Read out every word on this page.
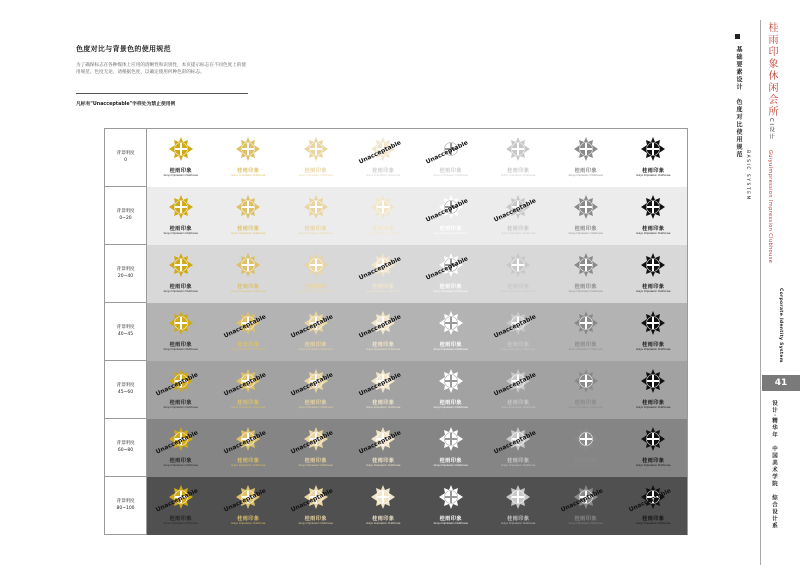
色度对比与背景色的使用规范
为了确保标志在各种媒体上应用的清晰性和识别性，本页提示标志在不同色度上的使用规范，色度无论，请根据色度，以确定使用何种色彩的标志。
凡标有"Unacceptable"字样处为禁止使用例
背景明度
0
桂雨印象
Guiyu Impression Clubhouse
桂雨印象
Guiyu Impression Clubhouse
桂雨印象
Guiyu Impression Clubhouse
桂雨印象
Guiyu Impression Clubhouse
Unacceptable
桂雨印象
Guiyu Impression Clubhouse
Unacceptable
桂雨印象
Guiyu Impression Clubhouse
桂雨印象
Guiyu Impression Clubhouse
桂雨印象
Guiyu Impression Clubhouse
背景明度
0~20
桂雨印象
Guiyu Impression Clubhouse
桂雨印象
Guiyu Impression Clubhouse
桂雨印象
Guiyu Impression Clubhouse
桂雨印象
Guiyu Impression Clubhouse
桂雨印象
Guiyu Impression Clubhouse
Unacceptable
桂雨印象
Guiyu Impression Clubhouse
Unacceptable
桂雨印象
Guiyu Impression Clubhouse
桂雨印象
Guiyu Impression Clubhouse
背景明度
20~40
桂雨印象
Guiyu Impression Clubhouse
桂雨印象
Guiyu Impression Clubhouse
桂雨印象
Guiyu Impression Clubhouse
桂雨印象
Guiyu Impression Clubhouse
Unacceptable
桂雨印象
Guiyu Impression Clubhouse
Unacceptable
桂雨印象
Guiyu Impression Clubhouse
桂雨印象
Guiyu Impression Clubhouse
桂雨印象
Guiyu Impression Clubhouse
背景明度
40~45
桂雨印象
Guiyu Impression Clubhouse
桂雨印象
Guiyu Impression Clubhouse
Unacceptable
桂雨印象
Guiyu Impression Clubhouse
Unacceptable
桂雨印象
Guiyu Impression Clubhouse
Unacceptable
桂雨印象
Guiyu Impression Clubhouse
桂雨印象
Guiyu Impression Clubhouse
Unacceptable
桂雨印象
Guiyu Impression Clubhouse
桂雨印象
Guiyu Impression Clubhouse
背景明度
45~60
桂雨印象
Guiyu Impression Clubhouse
Unacceptable
桂雨印象
Guiyu Impression Clubhouse
Unacceptable
桂雨印象
Guiyu Impression Clubhouse
Unacceptable
桂雨印象
Guiyu Impression Clubhouse
Unacceptable
桂雨印象
Guiyu Impression Clubhouse
桂雨印象
Guiyu Impression Clubhouse
Unacceptable
桂雨印象
Guiyu Impression Clubhouse
桂雨印象
Guiyu Impression Clubhouse
背景明度
60~80
桂雨印象
Guiyu Impression Clubhouse
Unacceptable
桂雨印象
Guiyu Impression Clubhouse
Unacceptable
桂雨印象
Guiyu Impression Clubhouse
Unacceptable
桂雨印象
Guiyu Impression Clubhouse
Unacceptable
桂雨印象
Guiyu Impression Clubhouse
桂雨印象
Guiyu Impression Clubhouse
Unacceptable
桂雨印象
Guiyu Impression Clubhouse
桂雨印象
Guiyu Impression Clubhouse
背景明度
80~100
桂雨印象
Guiyu Impression Clubhouse
Unacceptable
桂雨印象
Guiyu Impression Clubhouse
Unacceptable
桂雨印象
Guiyu Impression Clubhouse
Unacceptable
桂雨印象
Guiyu Impression Clubhouse
桂雨印象
Guiyu Impression Clubhouse
桂雨印象
Guiyu Impression Clubhouse
桂雨印象
Guiyu Impression Clubhouse
Unacceptable
桂雨印象
Guiyu Impression Clubhouse
Unacceptable
基础要素设计　色度对比使用规范
BASIC SYSTEM
桂雨印象休闲会所
CI设计
GuiyuImpression Impression Clubhouse
Corporate Identity System
41
设计·精华年　中国美术学院　综合设计系
